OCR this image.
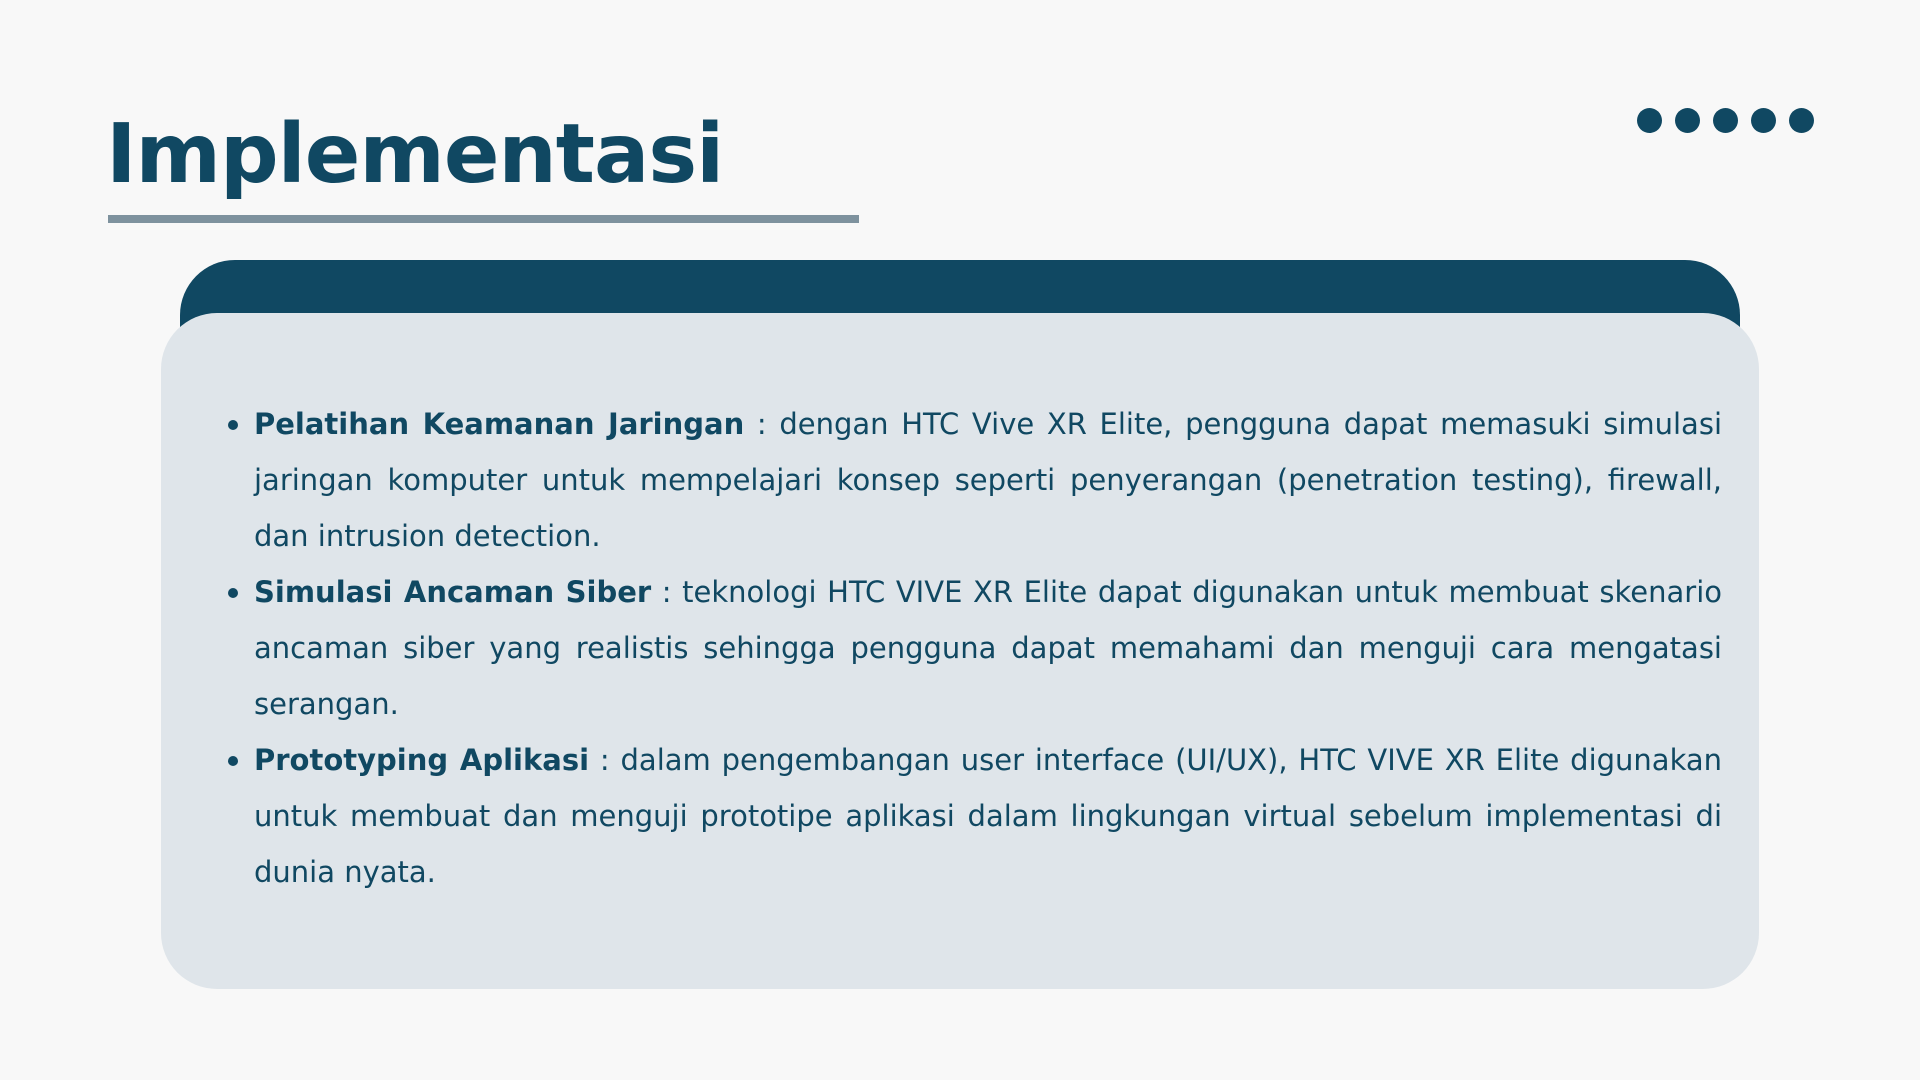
Implementasi
Pelatihan Keamanan Jaringan : dengan HTC Vive XR Elite, pengguna dapat memasuki simulasi jaringan komputer untuk mempelajari konsep seperti penyerangan (penetration testing), firewall, dan intrusion detection.
Simulasi Ancaman Siber : teknologi HTC VIVE XR Elite dapat digunakan untuk membuat skenario ancaman siber yang realistis sehingga pengguna dapat memahami dan menguji cara mengatasi serangan.
Prototyping Aplikasi : dalam pengembangan user interface (UI/UX), HTC VIVE XR Elite digunakan untuk membuat dan menguji prototipe aplikasi dalam lingkungan virtual sebelum implementasi di dunia nyata.
